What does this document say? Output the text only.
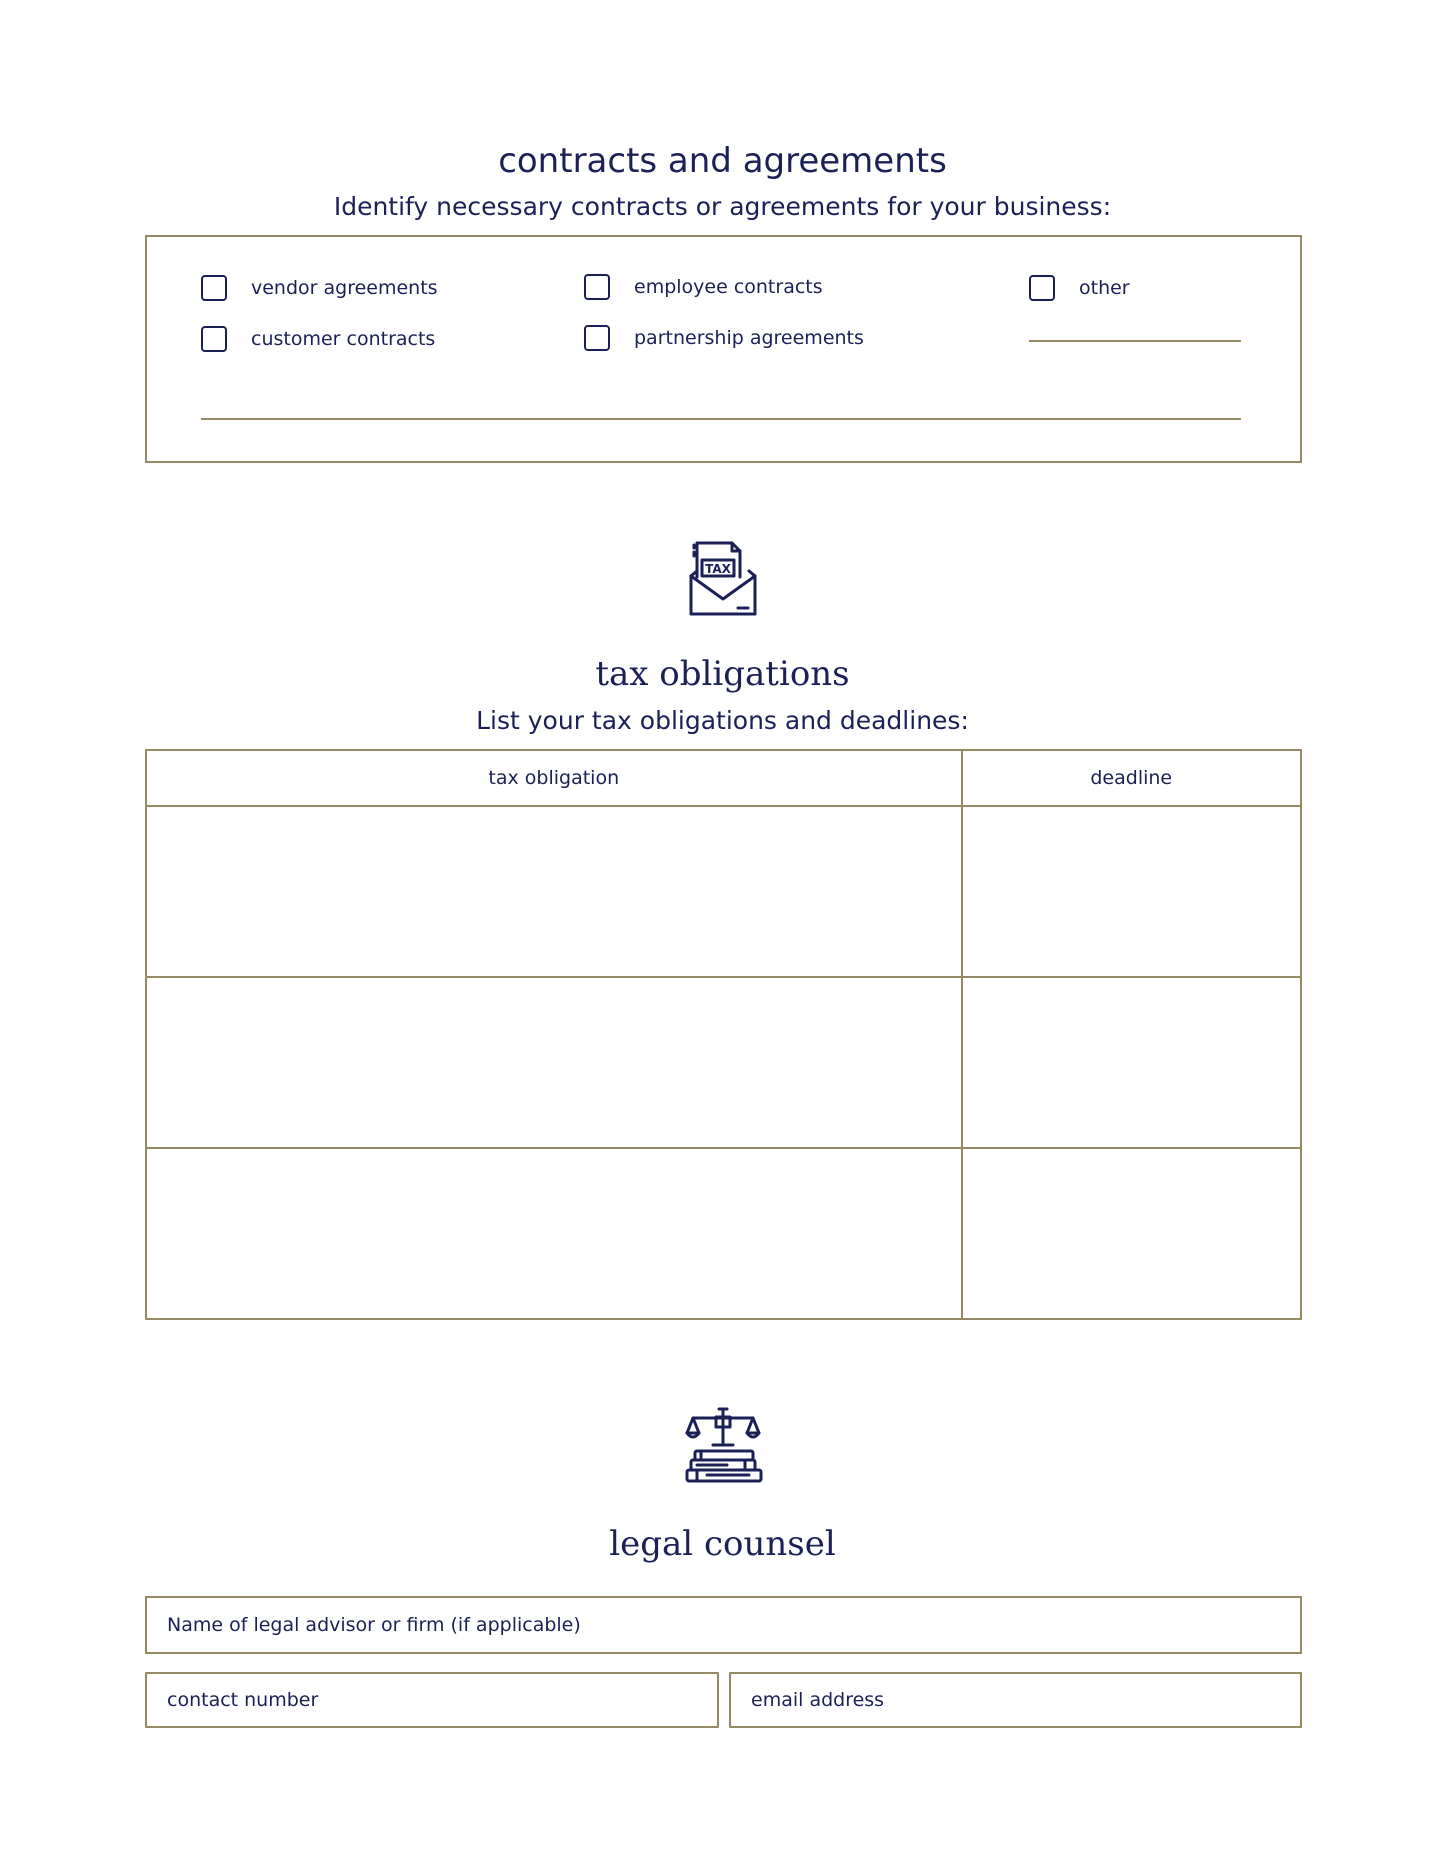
contracts and agreements
Identify necessary contracts or agreements for your business:
vendor agreements
customer contracts
employee contracts
partnership agreements
other
TAX
tax obligations
List your tax obligations and deadlines:
tax obligation	deadline

legal counsel
Name of legal advisor or firm (if applicable)
contact number	email address
